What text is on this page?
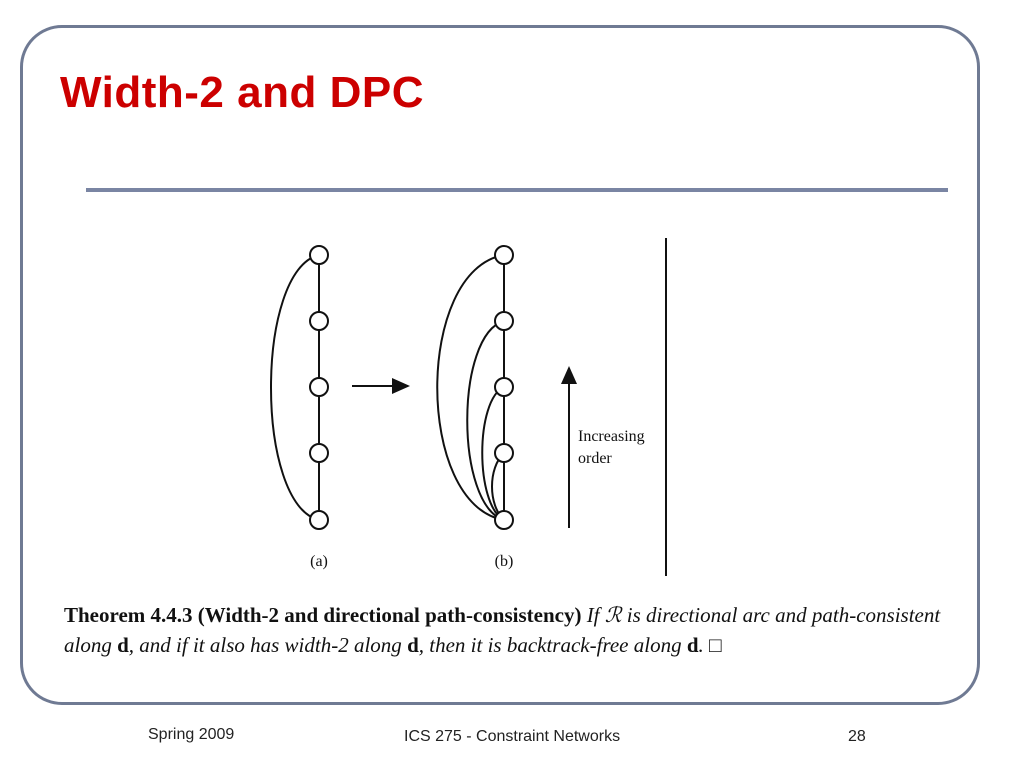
Width-2 and DPC
Increasing
order
(a)	(b)
Theorem 4.4.3 (Width-2 and directional path-consistency) If ℛ is directional arc and path-consistent along d, and if it also has width-2 along d, then it is backtrack-free along d. □
Spring 2009	ICS 275 - Constraint Networks	28
